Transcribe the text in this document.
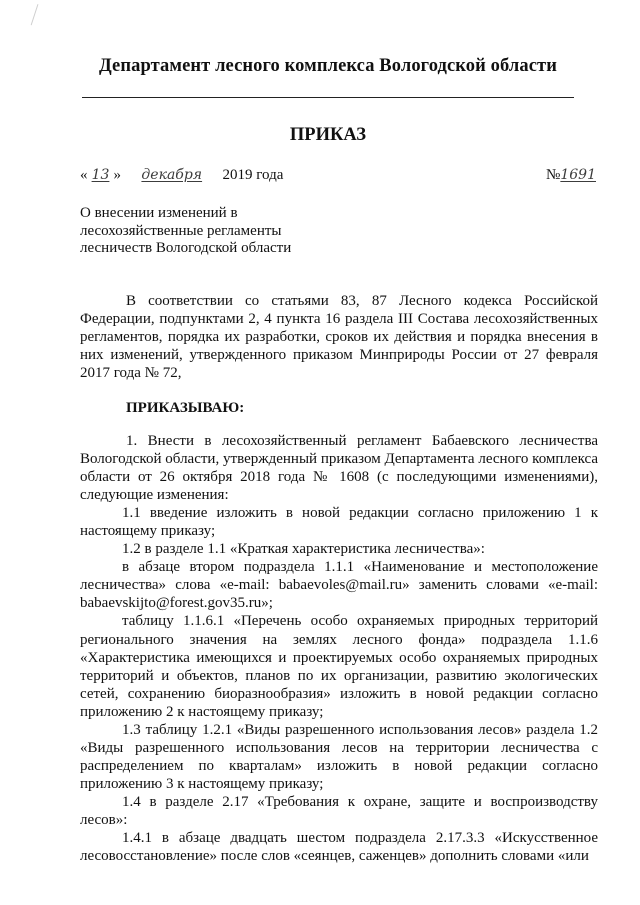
Департамент лесного комплекса Вологодской области
ПРИКАЗ
« 13 » декабря 2019 года	№1691
О внесении изменений в
лесохозяйственные регламенты
лесничеств Вологодской области

В соответствии со статьями 83, 87 Лесного кодекса Российской Федерации, подпунктами 2, 4 пункта 16 раздела III Состава лесохозяйственных регламентов, порядка их разработки, сроков их действия и порядка внесения в них изменений, утвержденного приказом Минприроды России от 27 февраля 2017 года № 72,

ПРИКАЗЫВАЮ:

1. Внести в лесохозяйственный регламент Бабаевского лесничества Вологодской области, утвержденный приказом Департамента лесного комплекса области от 26 октября 2018 года № 1608 (с последующими изменениями), следующие изменения:

1.1 введение изложить в новой редакции согласно приложению 1 к настоящему приказу;

1.2 в разделе 1.1 «Краткая характеристика лесничества»:

в абзаце втором подраздела 1.1.1 «Наименование и местоположение лесничества» слова «e-mail: babaevoles@mail.ru» заменить словами «e-mail: babaevskijto@forest.gov35.ru»;

таблицу 1.1.6.1 «Перечень особо охраняемых природных территорий регионального значения на землях лесного фонда» подраздела 1.1.6 «Характеристика имеющихся и проектируемых особо охраняемых природных территорий и объектов, планов по их организации, развитию экологических сетей, сохранению биоразнообразия» изложить в новой редакции согласно приложению 2 к настоящему приказу;

1.3 таблицу 1.2.1 «Виды разрешенного использования лесов» раздела 1.2 «Виды разрешенного использования лесов на территории лесничества с распределением по кварталам» изложить в новой редакции согласно приложению 3 к настоящему приказу;

1.4 в разделе 2.17 «Требования к охране, защите и воспроизводству лесов»:

1.4.1 в абзаце двадцать шестом подраздела 2.17.3.3 «Искусственное лесовосстановление» после слов «сеянцев, саженцев» дополнить словами «или
